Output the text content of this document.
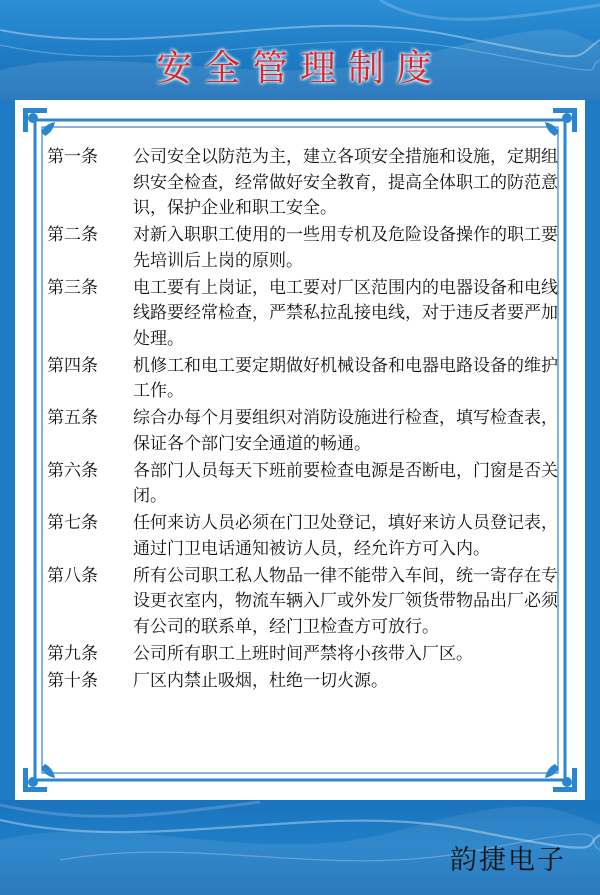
安全管理制度
第一条	公司安全以防范为主，建立各项安全措施和设施，定期组织安全检查，经常做好安全教育，提高全体职工的防范意识，保护企业和职工安全。
第二条	对新入职职工使用的一些用专机及危险设备操作的职工要先培训后上岗的原则。
第三条	电工要有上岗证，电工要对厂区范围内的电器设备和电线线路要经常检查，严禁私拉乱接电线，对于违反者要严加处理。
第四条	机修工和电工要定期做好机械设备和电器电路设备的维护工作。
第五条	综合办每个月要组织对消防设施进行检查，填写检查表，保证各个部门安全通道的畅通。
第六条	各部门人员每天下班前要检查电源是否断电，门窗是否关闭。
第七条	任何来访人员必须在门卫处登记，填好来访人员登记表，通过门卫电话通知被访人员，经允许方可入内。
第八条	所有公司职工私人物品一律不能带入车间，统一寄存在专设更衣室内，物流车辆入厂或外发厂领货带物品出厂必须有公司的联系单，经门卫检查方可放行。
第九条	公司所有职工上班时间严禁将小孩带入厂区。
第十条	厂区内禁止吸烟，杜绝一切火源。
韵捷电子
